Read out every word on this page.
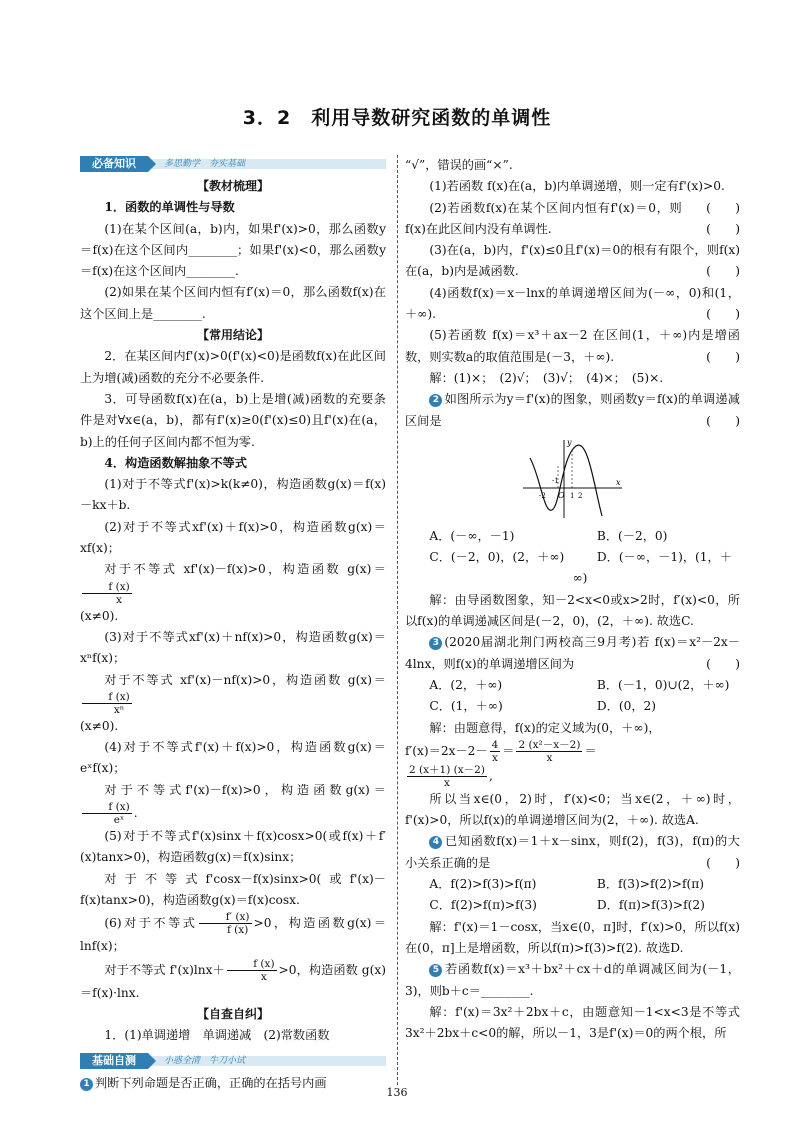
3．2　利用导数研究函数的单调性
必备知识	多思勤学　夯实基础
【教材梳理】
1．函数的单调性与导数
(1)在某个区间(a，b)内，如果f'(x)>0，那么函数y＝f(x)在这个区间内________；如果f'(x)<0，那么函数y＝f(x)在这个区间内________.
(2)如果在某个区间内恒有f′(x)＝0，那么函数f(x)在这个区间上是________.
【常用结论】
2．在某区间内f'(x)>0(f'(x)<0)是函数f(x)在此区间上为增(减)函数的充分不必要条件.
3．可导函数f(x)在(a，b)上是增(减)函数的充要条件是对∀x∈(a，b)，都有f'(x)≥0(f'(x)≤0)且f'(x)在(a，b)上的任何子区间内都不恒为零.
4．构造函数解抽象不等式
(1)对于不等式f'(x)>k(k≠0)，构造函数g(x)＝f(x)－kx＋b.
(2)对于不等式xf'(x)＋f(x)>0，构造函数g(x)＝xf(x)；
对于不等式 xf'(x)－f(x)>0，构造函数 g(x)＝
$\frac{f (x)}{x}$
(x≠0).
(3)对于不等式xf'(x)＋nf(x)>0，构造函数g(x)＝xⁿf(x)；
对于不等式 xf'(x)－nf(x)>0，构造函数 g(x)＝
$\frac{f (x)}{\text{xⁿ}}$
(x≠0).
(4)对于不等式f'(x)＋f(x)>0，构造函数g(x)＝eˣf(x)；
对于不等式f'(x)－f(x)>0，构造函数g(x)＝
$\frac{f (x)}{\text{eˣ}}$ .
(5)对于不等式f'(x)sinx＋f(x)cosx>0(或f(x)＋f′(x)tanx>0)，构造函数g(x)＝f(x)sinx；
对于不等式f'cosx－f(x)sinx>0(或f'(x)－f(x)tanx>0)，构造函数g(x)＝f(x)cosx.
(6)对于不等式 $\frac{f' (x)}{f (x)} >0$，构造函数g(x)＝lnf(x)；
对于不等式 $f'(x)\ln x+ \frac{f (x)}{x} >0$，构造函数 g(x)＝f(x)·lnx.
【自查自纠】
1．(1)单调递增　单调递减　(2)常数函数
基础自测	小惑全清　牛刀小试
1 判断下列命题是否正确，正确的在括号内画
“√”，错误的画“×”.
(1)若函数 f(x)在(a，b)内单调递增，则一定有f'(x)>0.
(　　)
(2)若函数f(x)在某个区间内恒有f'(x)＝0，则f(x)在此区间内没有单调性.	(　　)
(3)在(a，b)内，f'(x)≤0且f'(x)＝0的根有有限个，则f(x)在(a，b)内是减函数.	(　　)
(4)函数f(x)＝x－lnx的单调递增区间为(－∞，0)和(1，＋∞).	(　　)
(5)若函数 f(x)＝x³＋ax－2 在区间(1，＋∞)内是增函数，则实数a的取值范围是(－3，＋∞).	(　　)
解：(1)×；　(2)√；　(3)√；　(4)×；　(5)×.
2 如图所示为y＝f'(x)的图象，则函数y＝f(x)的单调递减区间是	(　　)
y
x
O
-2
-1
1 2
A．(－∞，－1)	B．(－2，0)
C．(－2，0)，(2，＋∞)	D．(－∞，－1)，(1，＋∞)
解：由导函数图象，知－2<x<0或x>2时，f′(x)<0，所以f(x)的单调递减区间是(－2，0)，(2，＋∞). 故选C.
3 (2020届湖北荆门两校高三9月考)若 f(x)＝x²－2x－4lnx，则f(x)的单调递增区间为	(　　)
A．(2，＋∞)	B．(－1，0)∪(2，＋∞)
C．(1，＋∞)	D．(0，2)
解：由题意得，f(x)的定义域为(0，＋∞)，
$f'(x)=2x-2- \frac{4}{x} = \frac{\text{2 (x²－x－2)}}{x}$ ＝
$\frac{2 (x+1) (x-2)}{x}$ ,
所以当x∈(0，2)时，f′(x)<0；当x∈(2，＋∞)时，f'(x)>0，所以f(x)的单调递增区间为(2，＋∞). 故选A.
4 已知函数f(x)＝1＋x－sinx，则f(2)，f(3)，f(π)的大小关系正确的是	(　　)
A．f(2)>f(3)>f(π)	B．f(3)>f(2)>f(π)
C．f(2)>f(π)>f(3)	D．f(π)>f(3)>f(2)
解：f'(x)＝1－cosx，当x∈(0，π]时，f′(x)>0，所以f(x)在(0，π]上是增函数，所以f(π)>f(3)>f(2). 故选D.
5 若函数f(x)＝x³＋bx²＋cx＋d的单调减区间为(－1，3)，则b＋c＝________.
解：f'(x)＝3x²＋2bx＋c，由题意知－1<x<3是不等式3x²＋2bx＋c<0的解，所以－1，3是f'(x)＝0的两个根，所
136
